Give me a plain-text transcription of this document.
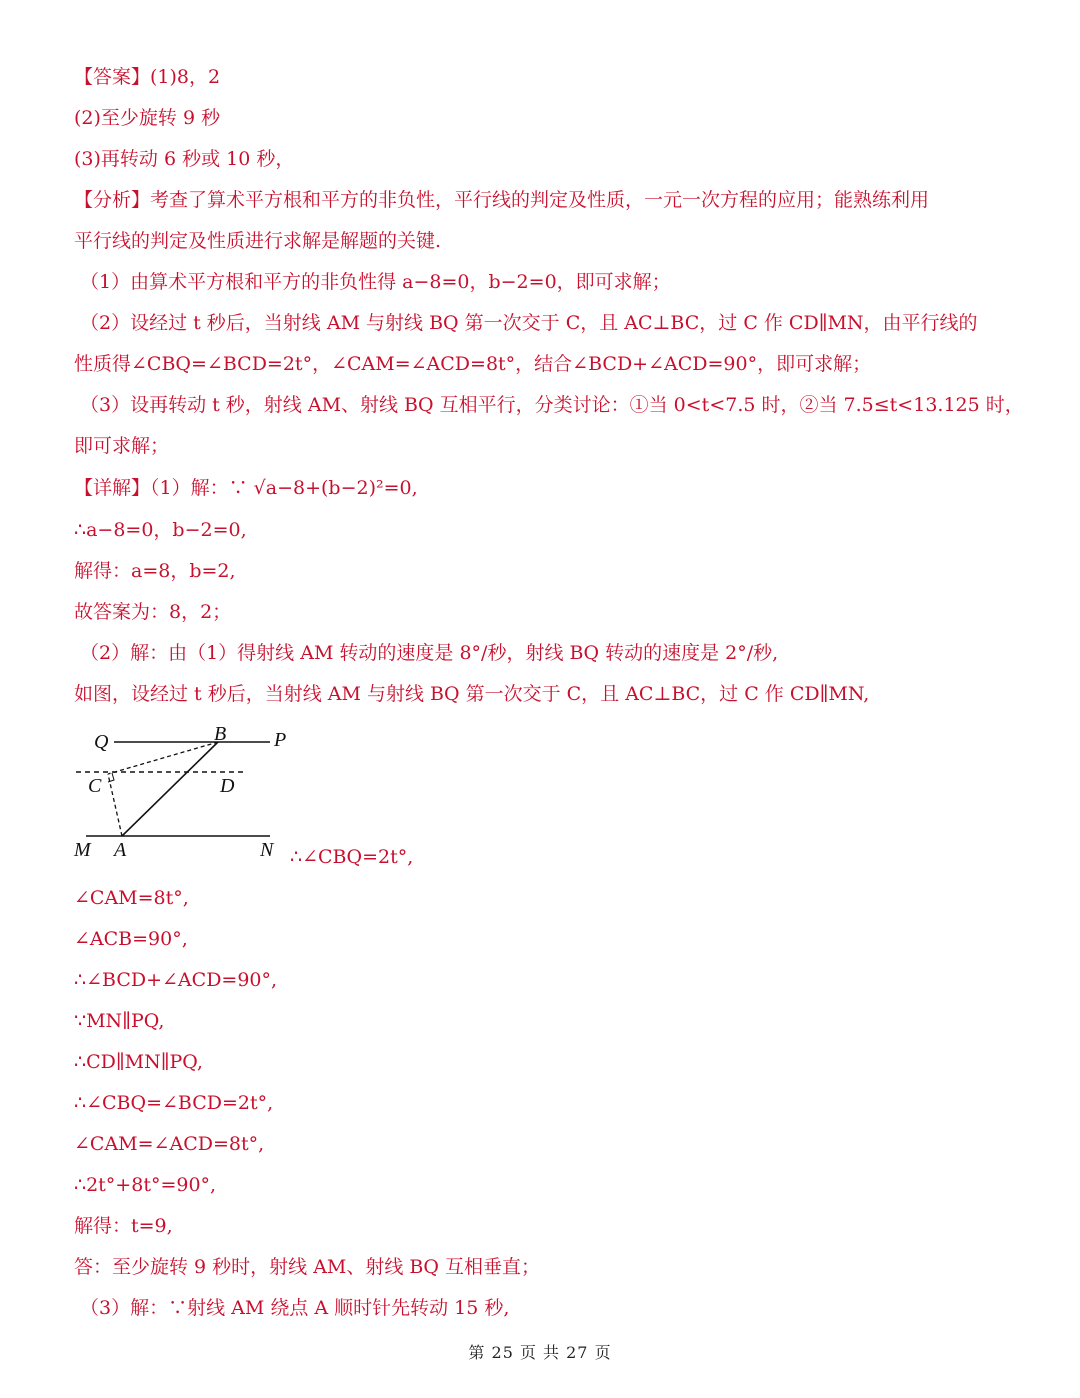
【答案】(1)8，2
(2)至少旋转 9 秒
(3)再转动 6 秒或 10 秒，
【分析】考查了算术平方根和平方的非负性，平行线的判定及性质，一元一次方程的应用；能熟练利用
平行线的判定及性质进行求解是解题的关键.
（1）由算术平方根和平方的非负性得 a−8=0，b−2=0，即可求解；
（2）设经过 t 秒后，当射线 AM 与射线 BQ 第一次交于 C，且 AC⊥BC，过 C 作 CD∥MN，由平行线的
性质得∠CBQ=∠BCD=2t°，∠CAM=∠ACD=8t°，结合∠BCD+∠ACD=90°，即可求解；
（3）设再转动 t 秒，射线 AM、射线 BQ 互相平行，分类讨论：①当 0<t<7.5 时，②当 7.5≤t<13.125 时，
即可求解；
【详解】（1）解：∵ √a−8+(b−2)²=0,
∴a−8=0，b−2=0,
解得：a=8，b=2,
故答案为：8，2；
（2）解：由（1）得射线 AM 转动的速度是 8°/秒，射线 BQ 转动的速度是 2°/秒,
如图，设经过 t 秒后，当射线 AM 与射线 BQ 第一次交于 C，且 AC⊥BC，过 C 作 CD∥MN,
Q	B P
C	D
M A	N ∴∠CBQ=2t°,
∠CAM=8t°,
∠ACB=90°,
∴∠BCD+∠ACD=90°,
∵MN∥PQ,
∴CD∥MN∥PQ,
∴∠CBQ=∠BCD=2t°,
∠CAM=∠ACD=8t°,
∴2t°+8t°=90°,
解得：t=9,
答：至少旋转 9 秒时，射线 AM、射线 BQ 互相垂直；
（3）解：∵射线 AM 绕点 A 顺时针先转动 15 秒,
第 25 页 共 27 页
